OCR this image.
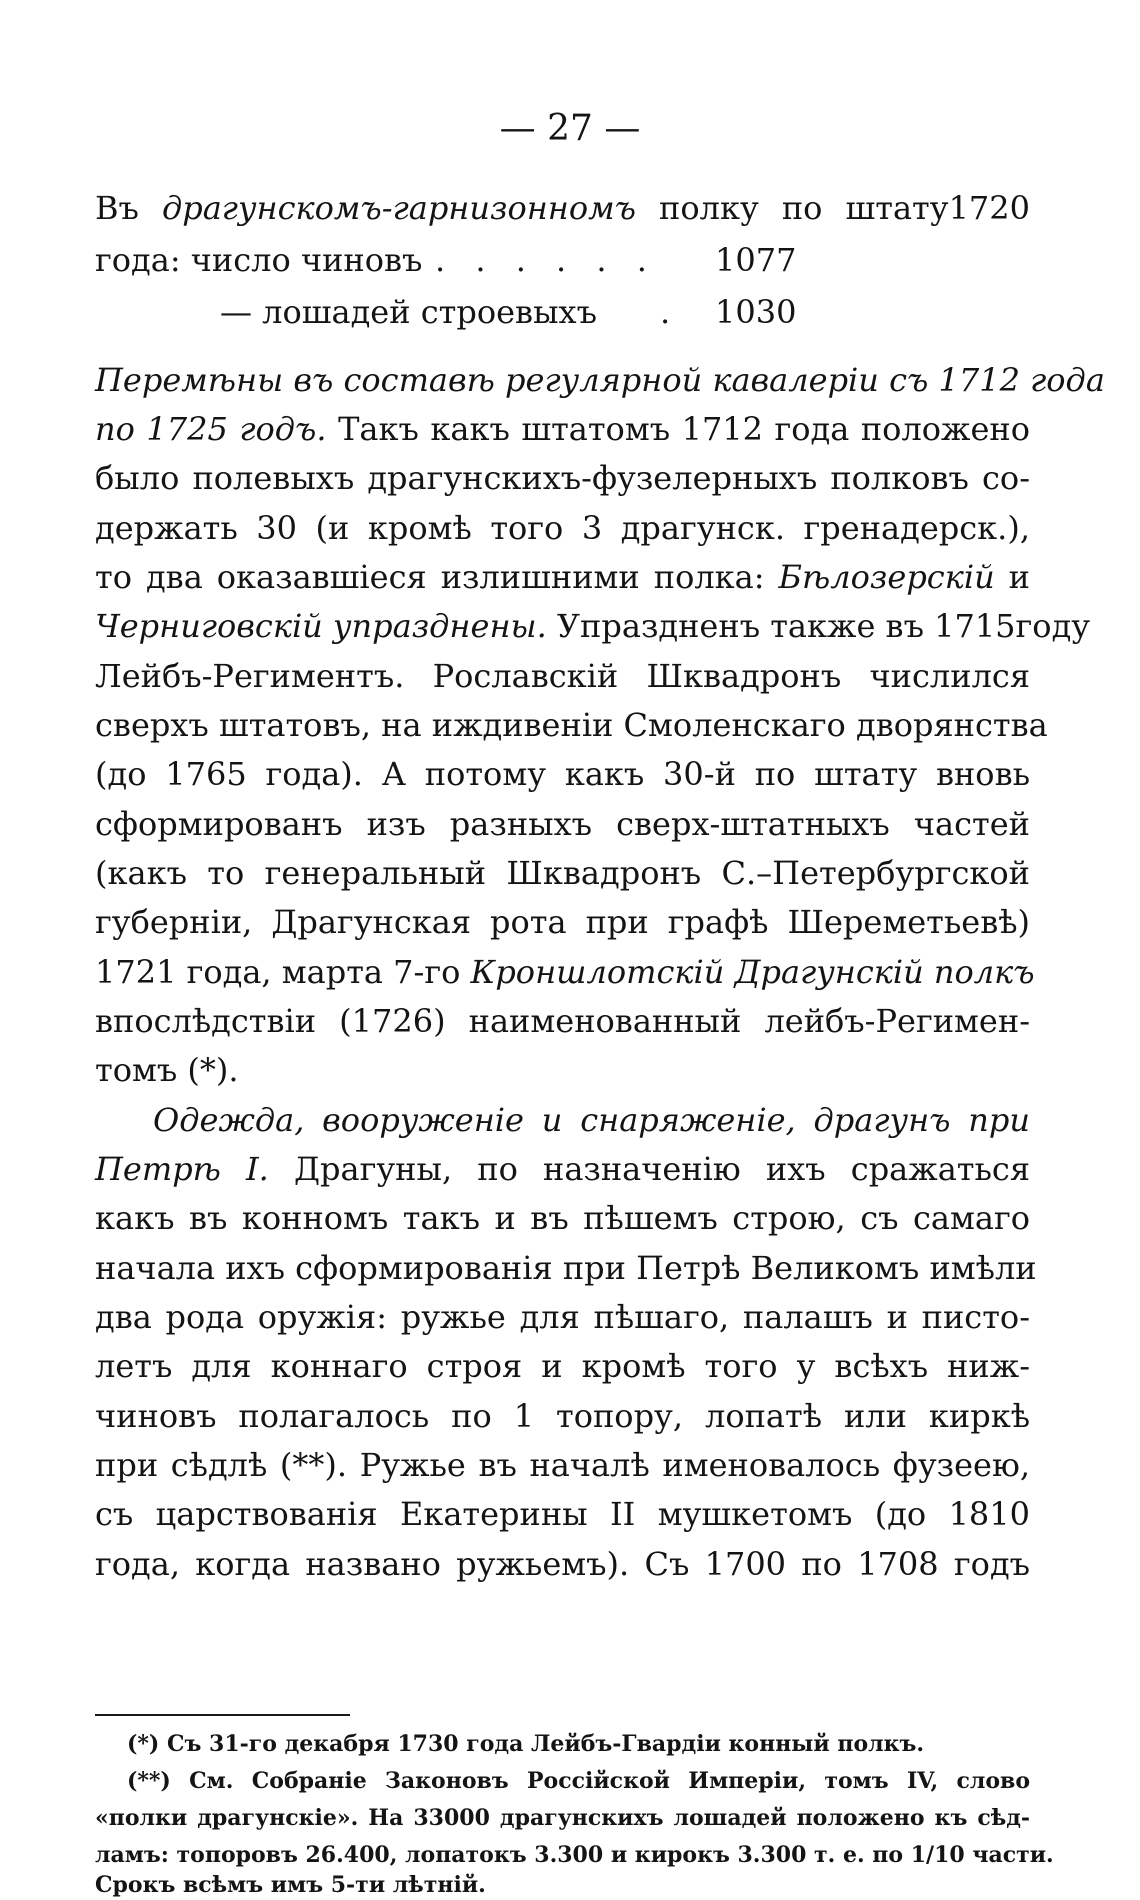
— 27 —
Въ драгунскомъ-гарнизонномъ полку по штату1720
года: число чиновъ . . . . . . 1077
— лошадей строевыхъ . 1030
Перемѣны въ составѣ регулярной кавалеріи съ 1712 года
по 1725 годъ. Такъ какъ штатомъ 1712 года положено
было полевыхъ драгунскихъ-фузелерныхъ полковъ со-
держать 30 (и кромѣ того 3 драгунск. гренадерск.),
то два оказавшіеся излишними полка: Бѣлозерскій и
Черниговскій упразднены. Упраздненъ также въ 1715году
Лейбъ-Региментъ. Рославскій Шквадронъ числился
сверхъ штатовъ, на иждивеніи Смоленскаго дворянства
(до 1765 года). А потому какъ 30-й по штату вновь
сформированъ изъ разныхъ сверх-штатныхъ частей
(какъ то генеральный Шквадронъ С.–Петербургской
губерніи, Драгунская рота при графѣ Шереметьевѣ)
1721 года, марта 7-го Кроншлотскій Драгунскій полкъ
впослѣдствіи (1726) наименованный лейбъ-Регимен-
томъ (*).
Одежда, вооруженіе и снаряженіе, драгунъ при
Петрѣ I. Драгуны, по назначенію ихъ сражаться
какъ въ конномъ такъ и въ пѣшемъ строю, съ самаго
начала ихъ сформированія при Петрѣ Великомъ имѣли
два рода оружія: ружье для пѣшаго, палашъ и писто-
летъ для коннаго строя и кромѣ того у всѣхъ ниж-
чиновъ полагалось по 1 топору, лопатѣ или киркѣ
при сѣдлѣ (**). Ружье въ началѣ именовалось фузеею,
съ царствованія Екатерины II мушкетомъ (до 1810
года, когда названо ружьемъ). Съ 1700 по 1708 годъ
(*) Съ 31-го декабря 1730 года Лейбъ-Гвардіи конный полкъ.
(**) См. Собраніе Законовъ Россійской Имперіи, томъ IV, слово
«полки драгунскіе». На 33000 драгунскихъ лошадей положено къ сѣд-
ламъ: топоровъ 26.400, лопатокъ 3.300 и кирокъ 3.300 т. е. по 1/10 части.
Срокъ всѣмъ имъ 5-ти лѣтній.
